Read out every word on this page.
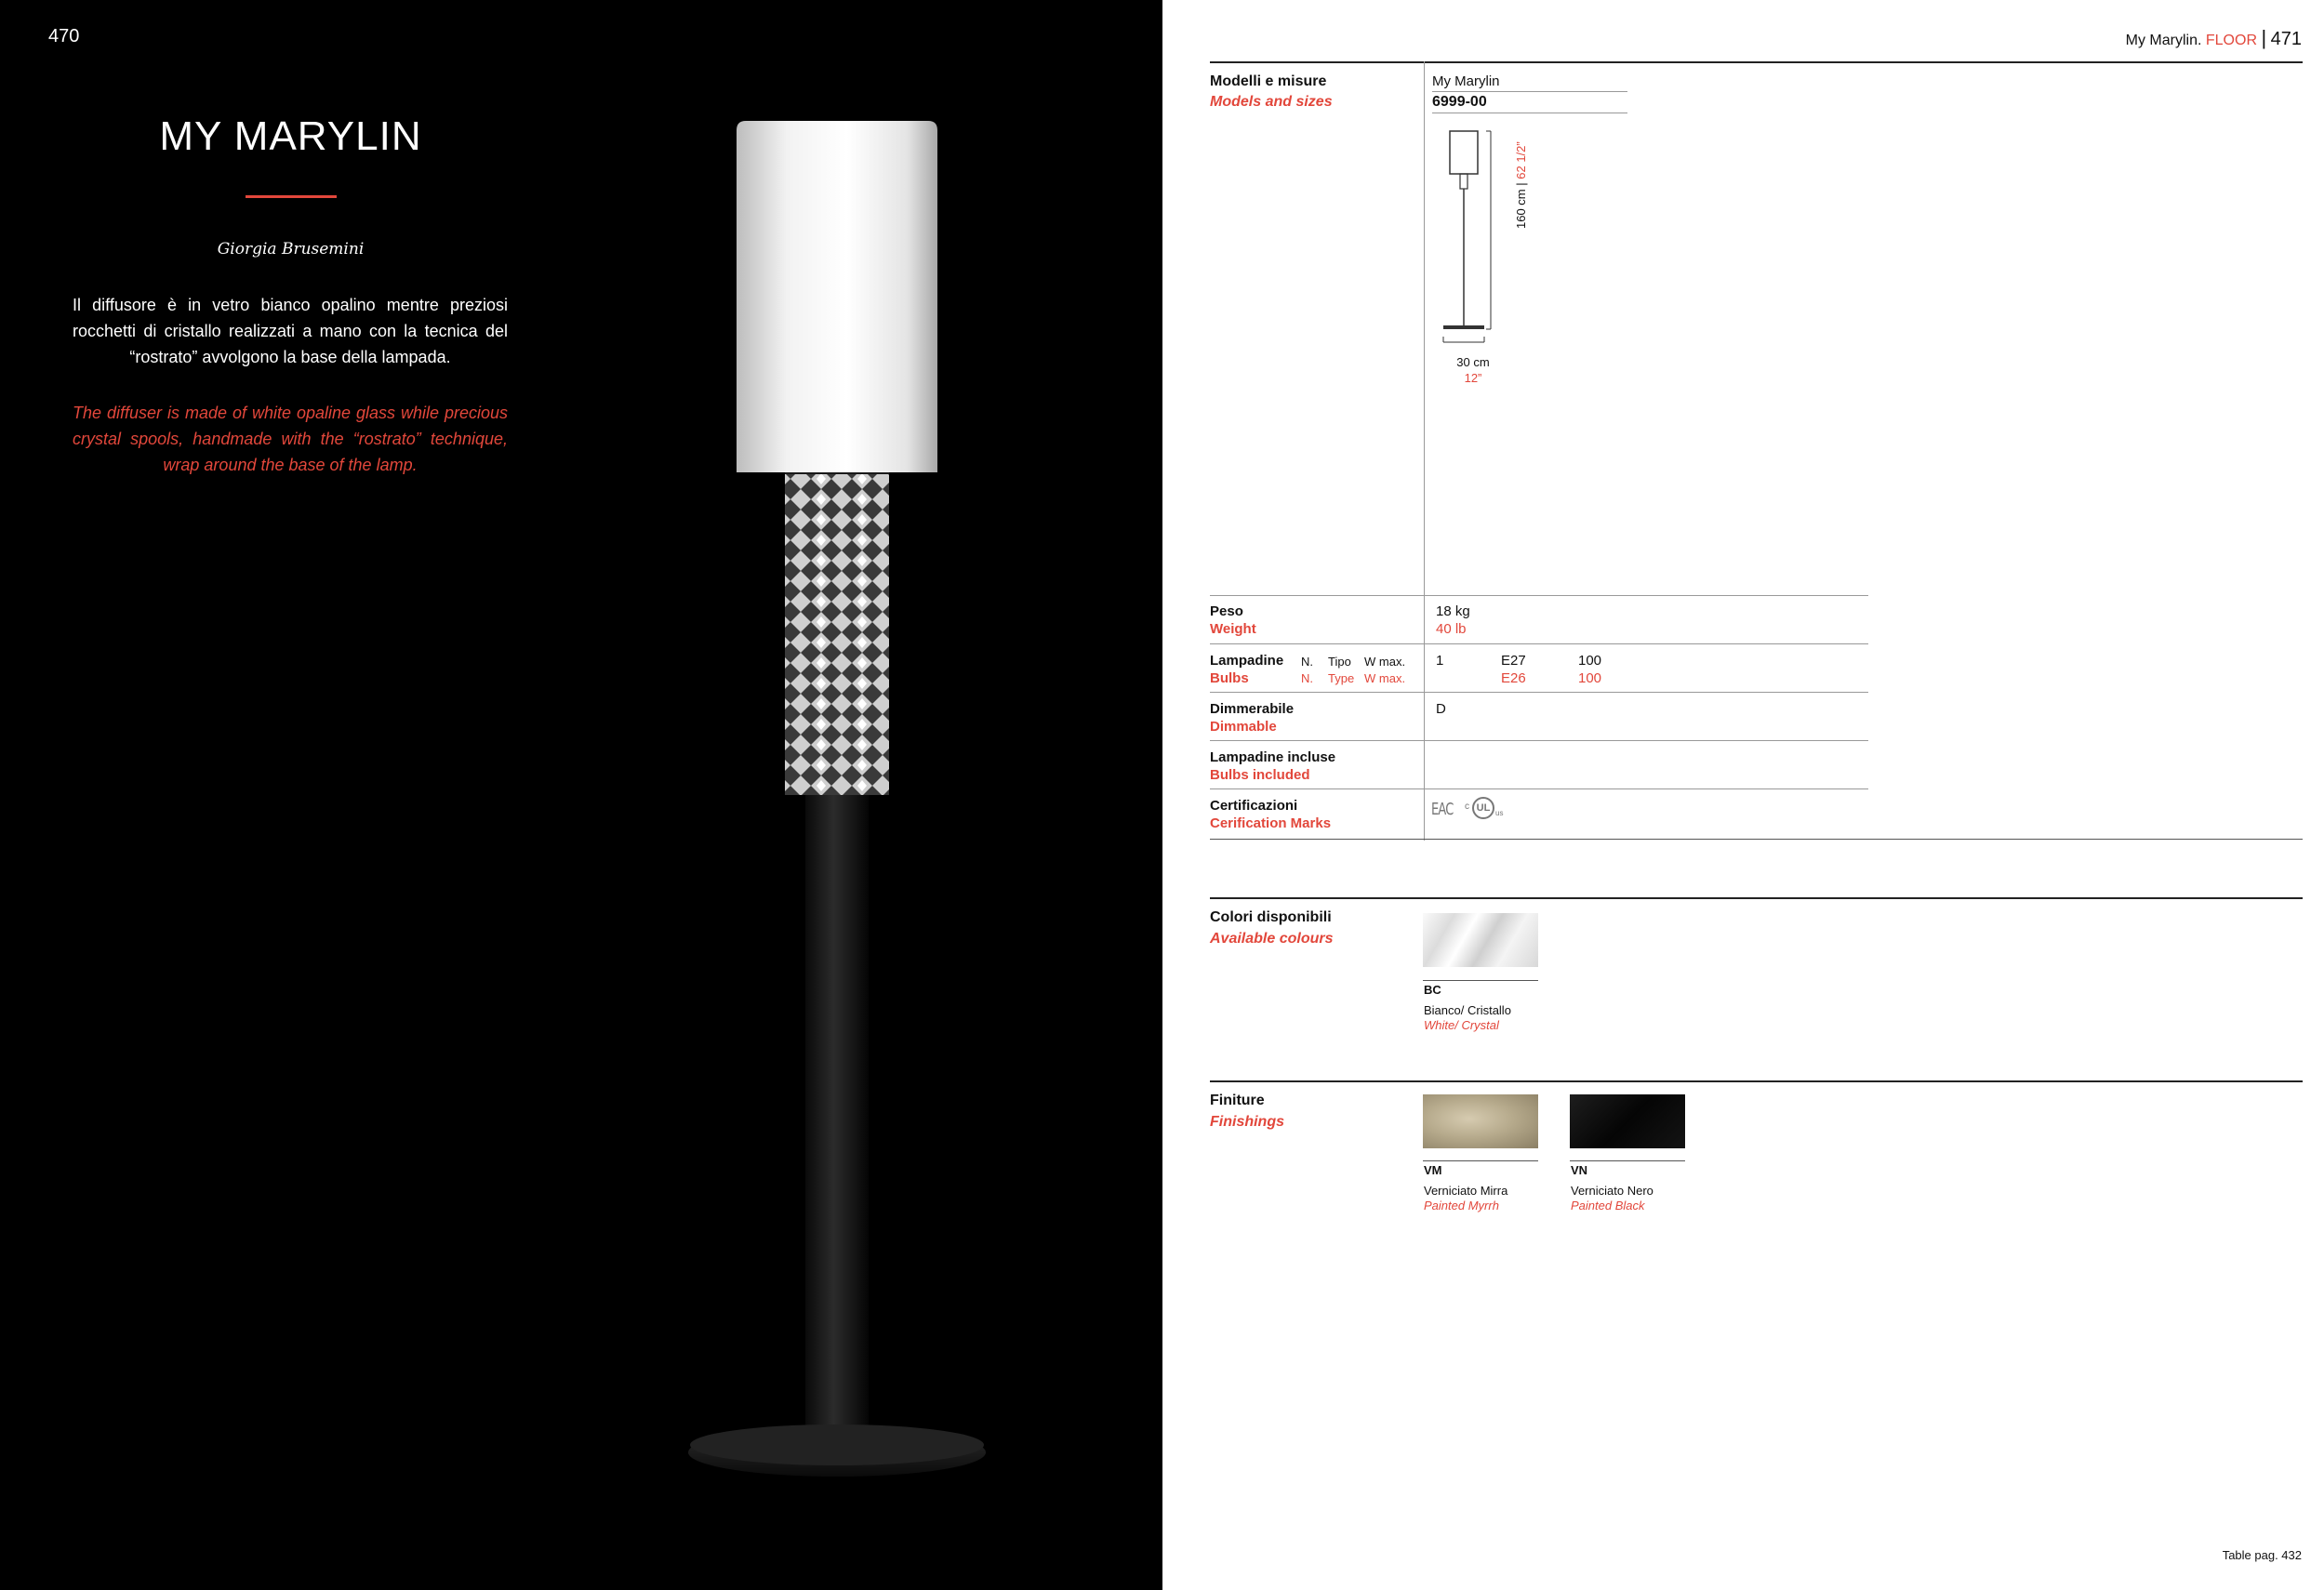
470
MY MARYLIN
Giorgia Brusemini
Il diffusore è in vetro bianco opalino mentre preziosi rocchetti di cristallo realizzati a mano con la tecnica del “rostrato” avvolgono la base della lampada.
The diffuser is made of white opaline glass while precious crystal spools, handmade with the “rostrato” technique, wrap around the base of the lamp.
My Marylin. FLOOR | 471
Modelli e misure
Models and sizes
My Marylin
6999-00
160 cm | 62 1/2”
30 cm
12”
Peso
Weight
18 kg
40 lb
Lampadine
Bulbs
N. Tipo W max.
N. Type W max.
1	E27
E26
100
100
Dimmerabile
Dimmable
D
Lampadine incluse
Bulbs included
Certificazioni
Cerification Marks
EAC c UL us
Colori disponibili
Available colours
BC
Bianco/ Cristallo
White/ Crystal
Finiture
Finishings
VM
Verniciato Mirra
Painted Myrrh
VN
Verniciato Nero
Painted Black
Table pag. 432
